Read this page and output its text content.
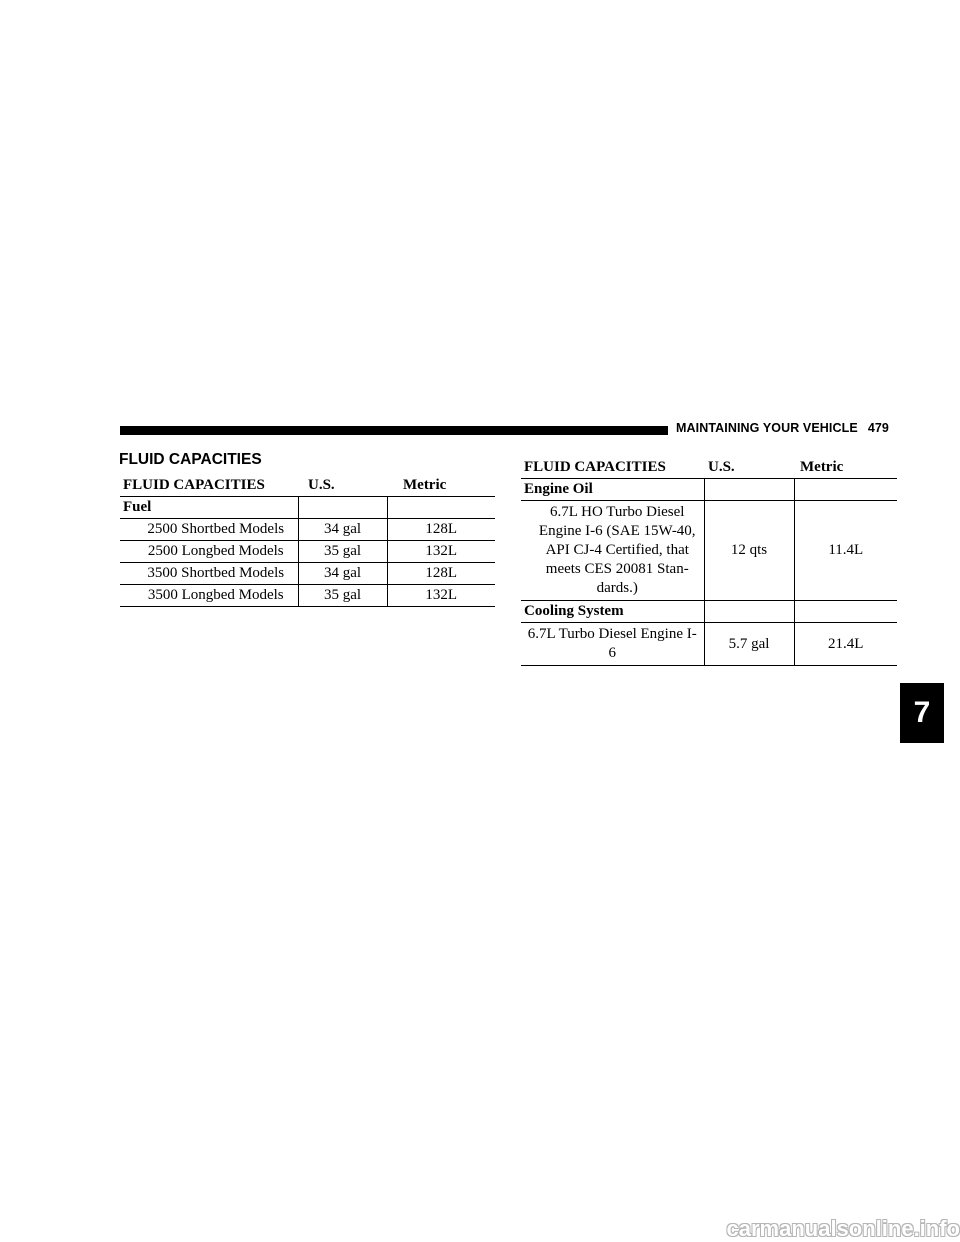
MAINTAINING YOUR VEHICLE 479
FLUID CAPACITIES
FLUID CAPACITIES	U.S.	Metric
Fuel		
2500 Shortbed Models	34 gal	128L
2500 Longbed Models	35 gal	132L
3500 Shortbed Models	34 gal	128L
3500 Longbed Models	35 gal	132L
FLUID CAPACITIES	U.S.	Metric
Engine Oil		
6.7L HO Turbo Diesel Engine I-6 (SAE 15W-40, API CJ-4 Certified, that meets CES 20081 Stan-dards.)	12 qts	11.4L
Cooling System		
6.7L Turbo Diesel Engine I-6	5.7 gal	21.4L
7
carmanualsonline.info
